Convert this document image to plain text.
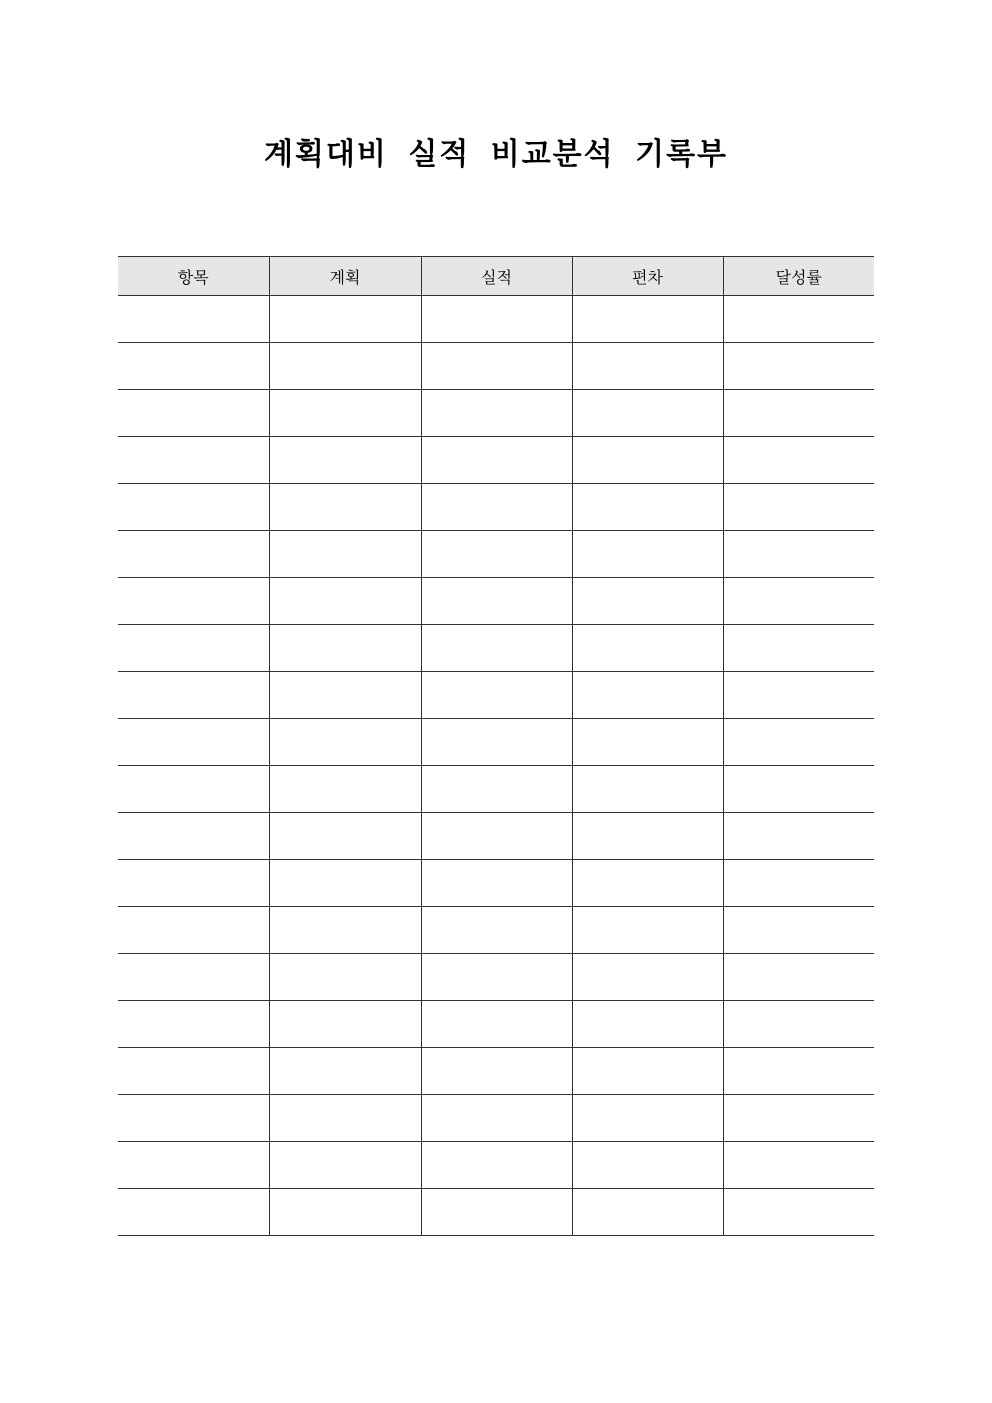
계획대비 실적 비교분석 기록부
항목	계획	실적	편차	달성률
